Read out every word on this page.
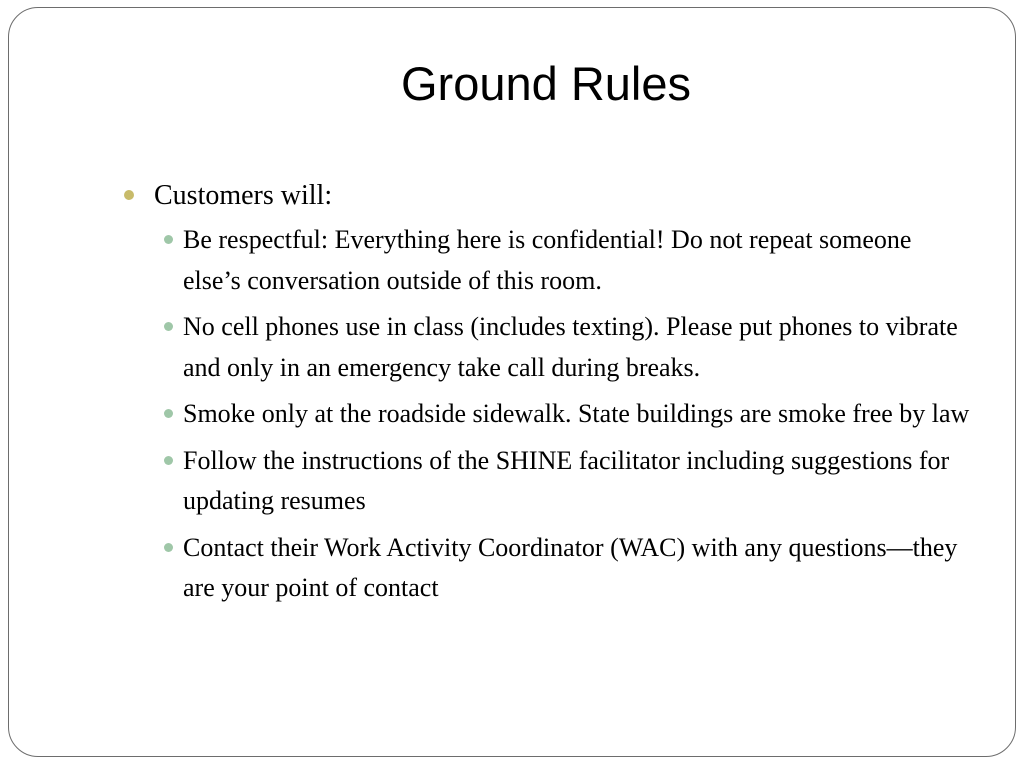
Ground Rules
Customers will:
Be respectful: Everything here is confidential! Do not repeat someone else’s conversation outside of this room.
No cell phones use in class (includes texting). Please put phones to vibrate and only in an emergency take call during breaks.
Smoke only at the roadside sidewalk. State buildings are smoke free by law
Follow the instructions of the SHINE facilitator including suggestions for updating resumes
Contact their Work Activity Coordinator (WAC) with any questions—they are your point of contact
